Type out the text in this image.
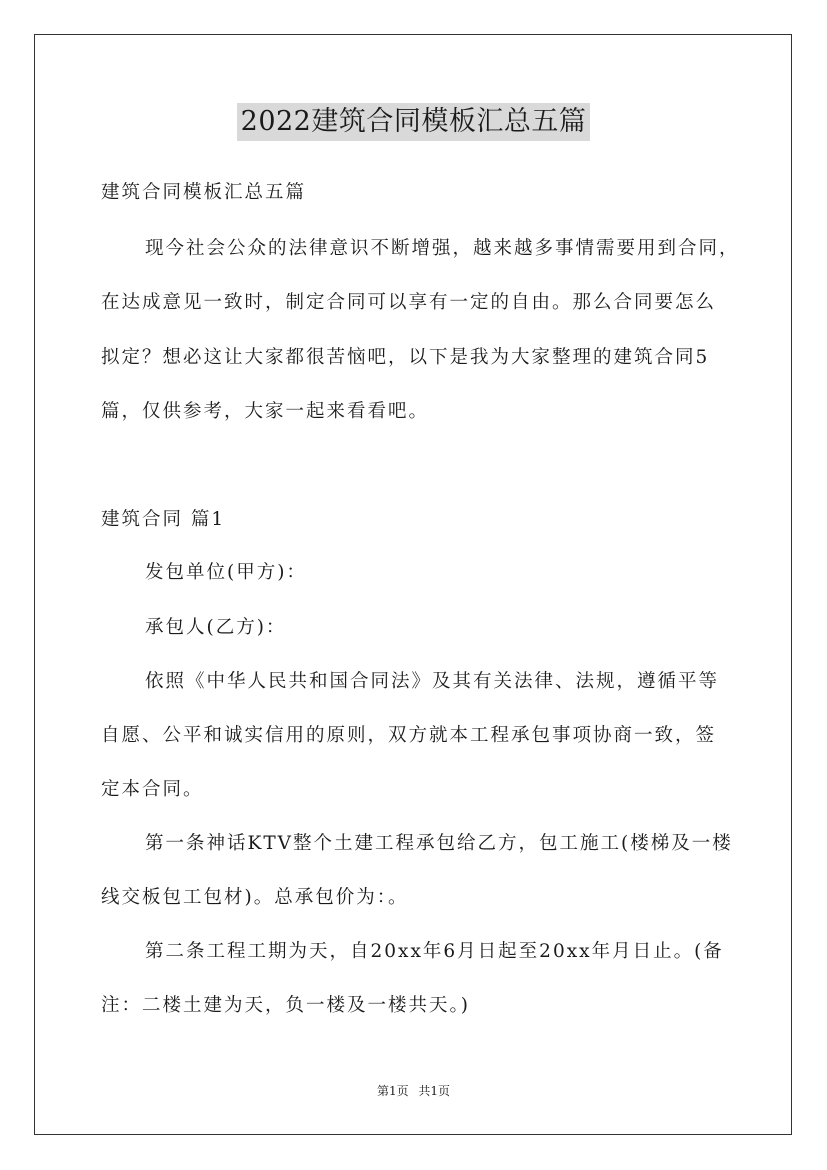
2022建筑合同模板汇总五篇
建筑合同模板汇总五篇
现今社会公众的法律意识不断增强，越来越多事情需要用到合同，
在达成意见一致时，制定合同可以享有一定的自由。那么合同要怎么
拟定？想必这让大家都很苦恼吧，以下是我为大家整理的建筑合同5
篇，仅供参考，大家一起来看看吧。
建筑合同 篇1
发包单位(甲方)：
承包人(乙方)：
依照《中华人民共和国合同法》及其有关法律、法规，遵循平等
自愿、公平和诚实信用的原则，双方就本工程承包事项协商一致，签
定本合同。
第一条神话KTV整个土建工程承包给乙方，包工施工(楼梯及一楼
线交板包工包材)。总承包价为：。
第二条工程工期为天，自20xx年6月日起至20xx年月日止。(备
注：二楼土建为天，负一楼及一楼共天。)
第1页 共1页
